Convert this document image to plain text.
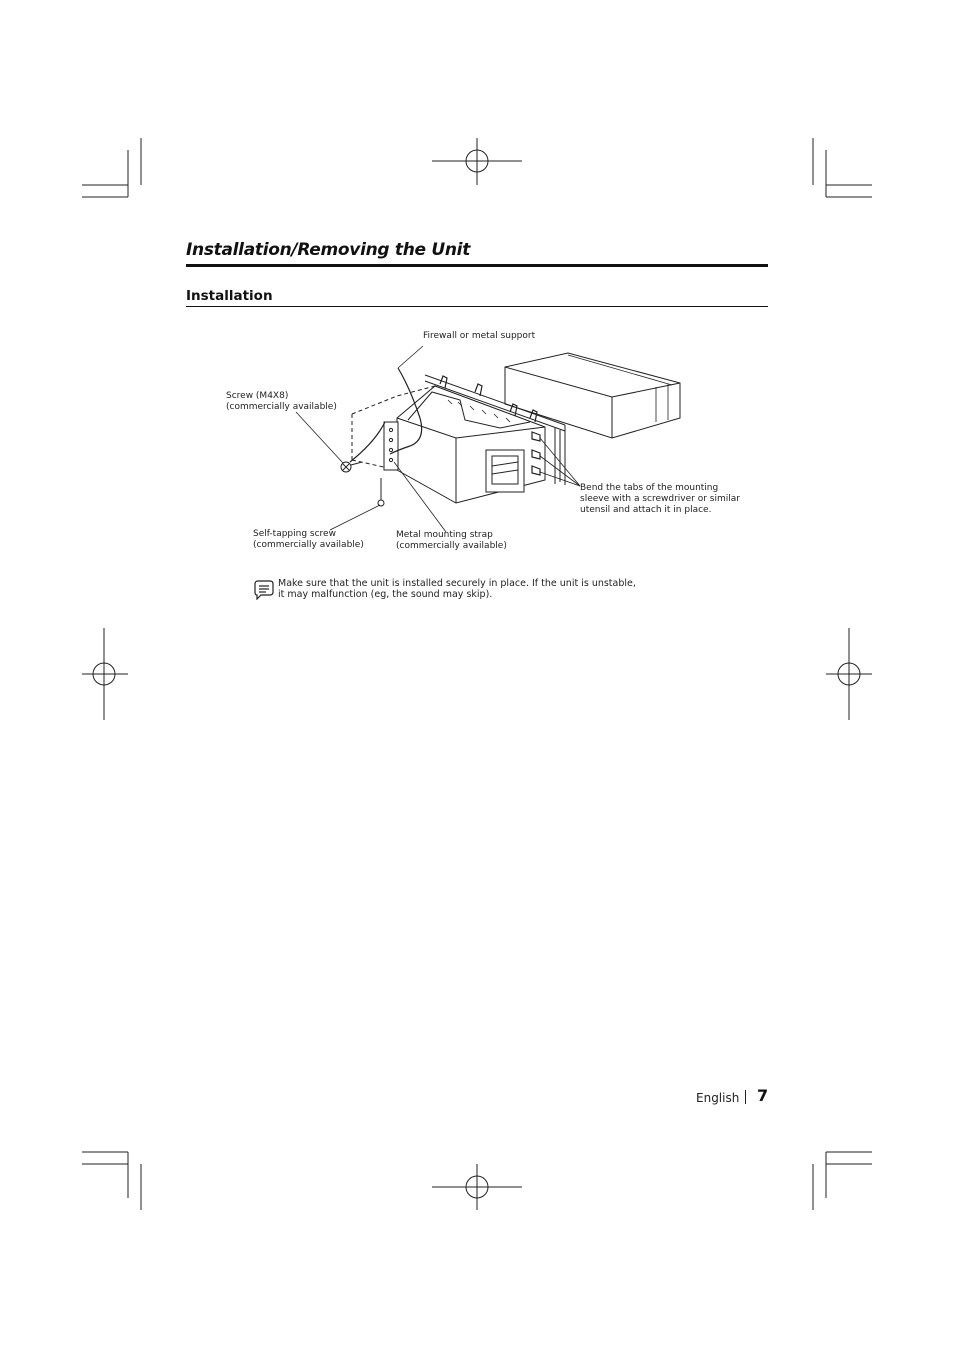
Installation/Removing the Unit
Installation
Firewall or metal support
Screw (M4X8)
(commercially available)
Bend the tabs of the mounting
sleeve with a screwdriver or similar
utensil and attach it in place.
Self-tapping screw
(commercially available)
Metal mounting strap
(commercially available)
Make sure that the unit is installed securely in place. If the unit is unstable, it may malfunction (eg, the sound may skip).
English 7
